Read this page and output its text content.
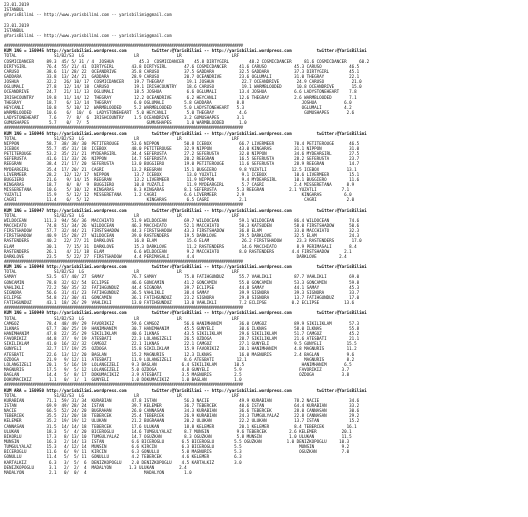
23.01.2019
ISTANBUL
@YarisBilimi -- http://www.yarisbilimi.com -- yarisbilimi@gmail.com
23.01.2019
ISTANBUL
@YarisBilimi -- http://www.yarisbilimi.com -- yarisbilimi@gmail.com
##############################################################################################################
KUM 1NG = 150945 http://yarisbilimi.wordpress.com          twitter:@YarisBilimi -- http://yarisbilimi.wordpress.com          twitter:@YarisBilimi
TOTAL               S1/B2/S3  LG                    LR               LR                    LRF
COSMICDANCER     89.3  45/ 5/ 31 / 4  JOSHUA          45.3  COSMICDANCER    45.8 DIRTYGIRL        48.2 COSMICDANCER     81.6 COSMICDANCER     60.2
DIRTYGIRL        76.4  55/ 21/ 41  DIRTYGIRL       43.8 DIRTYGIRL       47.6 COSMICDANCER     41.6 CARUSO           45.3 CARUSO           46.5
CARUSO           38.6  11/ 28/ 22  OCEANDRIVE      35.8 CARUSO          37.5 GADDARA          32.5 GADDARA          37.3 DIRTYGIRL        45.1
GADDARA          33.8  13/ 24/ 21  GADDARA         28.9 CARUSO          20.7 OCEANDRIVE       23.6 OGLUMALI         31.0 THEGRAY          22.1
JOSHUA           32.2   26/ 10/ 17  COSMICDANCER    19.7 THEGRAY         19.1 JOSHUA           22.7 OCEANDRIVE       24.9 CARUSO           21.0
OGLUMALI         27.8   12/ 14/ 18  CARUSO          19.1 IRISHCOUNTRY    18.6 CARUSO           19.1 WARMBLOODED      10.8 OCEANDRIVE       15.0
OCEANDRIVE       24.7   21/ 11/ 13  OGLUMALI        18.5 JOSHUA          6.6 OGLUMALI         13.4 JOSHUA           6.6 LADYSTONEHEART    7.8
IRISHCOUNTRY     19.8   11/ 14/ 12  THEGRAY         12.2 OCEANDRIVE      6.2 HEYCANLI         12.6 THEGRAY          2.6 WARMBLOODED       7.1
THEGRAY          18.7    6/ 13/ 14  THEGRAY         6.0 OGLUMALI        5.8 GADDARA          8.8                       JOSHUA           6.0
HEYCANLI         10.8    5/ 10/ 12  WARMBLOODED     5.2 WARMBLOODED     5.0 LADYSTONEHEART   5.3                       OGLUMALI         4.2
WARMBLOODED      10.6    6/  10/  6  LADYSTONEHEART  5.0 HEYCANLI        5.0 THEGRAY          4.6                       GUMUSHAPES       2.6
LADYSTONEHEART    7.6    7/  8/  6  IRISHCOUNTRY    1.5 OCEANDRIVE      3.2 GUMUSHAPES       3.1
GUMUSHAPES        5.7    0/  7/  5                       GUMUSHAPES      1.0 WARMBLOODED      1.0
##############################################################################################################
KUM 1NG = 150946 http://yarisbilimi.wordpress.com          twitter:@YarisBilimi -- http://yarisbilimi.wordpress.com          twitter:@YarisBilimi
TOTAL               S1/B2/S3  LG                    LR               LR                    LRF
NIPPON           58.7  38/ 38/ 30  PETITEROUGE     53.6 NIPPON          50.8 ICEBOX           66.7 LIVERMEER        70.4 PETITEROUGE      46.5
ICEBOX           55.7  45/ 31/ 18  ICEBOX          48.0 PETITEROUGE     32.9 NIPPON           43.0 KINGARAS         31.1 NIPPON           31.0
PETITEROUGE      53.2  35/ 21/ 21  MYDEARGIRL      34.4 SEFERUSTA       27.2 SEFERUSTA        32.0 NIPPON           34.6 MYDEARGIRL       27.5
SEFERUSTA        41.6  11/ 33/ 26  NIPPON          14.7 SEFERUSTA       20.2 REEGRAN          16.5 SEFERUSTA        28.2 SEFERUSTA        23.7
REEGRAN          38.4  21/ 17/ 20  SEFERUSTA       13.0 BUGGIERO        19.0 PETITEROUGE      11.6 SEFERUSTA        28.9 REEGRAN          14.7
MYDEARGIRL       35.4  17/ 20/ 21  CAGRI           13.2 REEGRAN         15.1 BUGGIERO         9.8 YUZATLI          12.5 ICEBOX           13.1
LIVERMEER        28.2   12/ 12/ 17  NIPPON          13.7 ICEBOX          13.0 YUZATLI          9.1 ICEBOX           10.6 LIVERMEER        15.1
BUGGIERO         21.6    9/ 14/ 15  REEGRAN         13.2 LIVERMEER       11.9 NIPPON           9.4 MYDEARGIRL       10.1 BUGGIERO         11.6
KINGARAS         18.7    8/  8/  9  BUGGIERO        10.8 YUZATLI         11.9 MYDEARGIRL       5.7 CAGRI            2.4 MISSERETANA      8.9
MISSERETANA      10.6    5/ 10/ 12  KINGARAS        8.3 KINGARAS        8.1 SEFERUSTA        5.3 REEGRAN          2.1 YUZATLI          7.1
YUZATLI          15.9    5/ 12/ 12  MISSERETANA     1.2 CAGRI           6.6 LIVERMEER        2.9                       KINGARAS         6.0
CAGRI            11.4    6/  5/ 12                       KINGARAS        6.5 CAGRI            2.1                       CAGRI            2.0
##############################################################################################################
KUM 1NG = 150947 http://yarisbilimi.wordpress.com          twitter:@YarisBilimi -- http://yarisbilimi.wordpress.com          twitter:@YarisBilimi
TOTAL               S1/B2/S3  LG                    LR               LR                    LRF
WILDOCEAN       111.3  94/ 56/ 36  MACCHIATO       51.9 WILDOCEAN       69.7 WILDOCEAN        59.1 WILDOCEAN        86.4 WILDOCEAN        74.6
MACCHIATO        74.8  51/ 34/ 26  WILDOCEAN       46.3 MACCHIATO       52.1 MACCHIATO        50.3 KATSUDEN         58.0 FIRSTSHADOW      50.6
FIRSTSHADOW      57.7  32/ 44/ 21  FIRSTSHADOW     44.3 FIRSTSHADOW     43.3 FIRSTSHADOW      36.8 ELAM             33.0 MACCHIATO        32.3
FIRSTSHADOW      40.9  15/ 28/ 27  WILDOCEAN       39.0 RASTENDERS      19.5 DARKLOVE         29.5 DARKLOVE         32.5 ELAM             24.3
RASTENDERS       40.2   22/ 27/ 21  DARKLOVE        16.8 ELAM            15.6 ELAM             26.2 FIRSTSHADOW      23.3 RASTENDERS       17.0
ELAM             30.1    7/ 15/ 31  DARKLOVE        15.3 DARKLOVE        11.2 RASTENDERS       14.6 MACCHIATO        8.9 PERIMASALI       8.4
RASTENDERS       26.1    4/ 21/ 18  ELAM            6.6 WILDOCEAN        9.2 MACCHIATO        8.0 RASTENDERS       4.4 FIRSTSHADOW      2.1
DARKLOVE         23.5    5/ 22/ 27  FIRSTSHADOW     4.4 PERIMASALI       4.4                                         DARKLOVE         2.4
##############################################################################################################
KUM 1NG = 150948 http://yarisbilimi.wordpress.com          twitter:@YarisBilimi -- http://yarisbilimi.wordpress.com          twitter:@YarisBilimi
TOTAL               S1/B2/S3  LG                    LR               LR                    LRF
SAMAY            53.5  67/ 40/ 27  SAMAY           76.7 SAMAY           75.8 FATIHGUNDUZ      55.7 VAHLIKLI         87.7 VAHLIKLI         69.0
GONCAMIN         78.8  32/ 62/ 54  ECLIPSE         46.6 GONCAMIN        41.2 GONCAMIN         55.0 GONCAMIN         53.3 GONCAMIN         59.8
VAHLIKLI         72.2  50/ 35/ 32  FATIHGUNDUZ     44.4 SIGNORA         39.7 ECLIPSE          44.8 SAMAY            44.1 SAMAY            45.3
SIGNORA          56.6  31/ 41/ 23  FATIHGUNDUZ     36.5 VAHLIKLI        38.4 SAMAY            39.9 SIGNORA          39.3 SIGNORA          33.7
ECLIPSE          54.8  21/ 30/ 41  GONCAMIN        36.1 FATIHGUNDUZ     23.2 SIGNORA          29.8 SIGNORA          13.7 FATIHGUNDUZ      17.0
FATIHGUNDUZ      43.1  18/ 26/ 29  VAHLIKLI        13.0 FATIHGUNDUZ     13.0 VAHLIKLI         7.2 ECLIPSE          0.2 ECLIPSE          13.6
##############################################################################################################
KUM 1NG = 150949 http://yarisbilimi.wordpress.com          twitter:@YarisBilimi -- http://yarisbilimi.wordpress.com          twitter:@YarisBilimi
TOTAL               S1/B2/S3  LG                    LR               LR                    LRF
CAMGOZ           78.4  48/ 49/ 29  FAVORIKIZ       59.6 CAMGOZ          56.6 HANIMHANIM       36.0 CAMGOZ           89.9 SIKILIKLAM       57.3
ILKNAS           67.7  30/ 25/ 19  HANIMHANIM      30.7 HANIMHANIM      45.5 GUNYELI          30.6 ILKNAS           58.0 ILKNAS           55.8
HANIMHANIM       47.8  22/ 35/ 29  SIKILIKLAM      40.6 ILKNAS          43.5 SIKILIKLAM       29.6 SIKILIKLAM       51.7 CAMGOZ           45.2
FAVORIKIZ        44.8  37/  9/ 19  ATESBATI        22.3 LOLANGIZELI     26.5 OZDOGA           28.7 SIKILIKLAM       21.6 ATESBATI         21.1
SIKILIKLAM       41.0  16/ 32/ 32  CAMGOZ          22.1 ILKNAS          22.1 CAMGOZ           27.1 GUNYELI          9.5 GUNYELI          15.5
GUNYELI          32.7  17/ 19/ 25  OZDOGA          15.8 SIKILIKLAM      15.9 FAVORIKIZ        20.1 HANIMHANIM       4.8 MAGNURIS         11.2
ATESBATI         22.6  13/ 12/ 20  BAGLAN          15.2 MAGNURIS        12.3 ILKNAS           16.0 MAGNURIS         2.4 BAGLAN           9.6
OZDOGA           21.9   9/ 12/ 11  ATESBATI        11.9 LOLANGIZELI     8.6 ATESBATI         12.1                       MAGNURIS         8.2
LOLANGIZELI      20.1   5/ 16/ 19  LOLANGIZELI     9.3 BAGLAN          6.4 SIKILIKLAM       10.5                       HANIMHANIM       6.5
MAGNURIS         17.5   9/  5/ 12  LOLANGIZELI     5.0 OZDOGA          4.8 GUNYELI          5.9                       FAVORIKIZ        3.7
BAGLAN           14.4   5/  8/ 17  DOKUMACIKIZ     3.9 ATESBATI        3.5 MAGNURIS         2.5                       OZDOGA           3.8
DOKUMACIKIZ       1.1   0/  1/  1  GUNYELI         1.0 DOKUMACIKIZ     1.0 BAGLAN           1.0
##############################################################################################################
KUM ARA = 150950 http://yarisbilimi.wordpress.com          twitter:@YarisBilimi -- http://yarisbilimi.wordpress.com          twitter:@YarisBilimi
TOTAL               S1/B2/S3  LG                    LR               LR                    LRF
KURABIAN         71.1  59/ 31/ 34  KURABIAN        47.8 ISTAN           56.3 NACIE            49.9 KURABIAN         78.2 NACIE            34.6
ISTAN            69.9  49/ 28/ 24  ISTAN           39.7 KELEMER         36.7 TEBERCEK         40.6 ISTAN            64.4 KURABIAN         33.2
NACIE            66.5  52/ 24/ 20  BUGRAHAN        26.0 CANNASAN        34.3 KURABIAN         36.6 TEBERCEK         28.0 CANNASAN         30.6
TEBERCEK         35.5  21/ 20/ 18  TEBERCEK        25.4 TEBERCEK        26.9 KURABIAN         24.3 TUMGULYALAZ      22.8 CANNASAN         29.2
KELEMER          35.2  19/ 19/ 12  ULUKAN          21.2 BUGRAHAN        20.2 ULUKAN           22.2 ULUKAN           13.7 ISTAN            15.2
CANNASAN         31.5  14/ 14/ 18  TEBERCEK        17.6 ULUKAN          18.8 KELEMER          20.1 KELEMER          8.4 TEBERCEK         16.1
ULUKAN           18.3   5/  4/ 20  BICEROGLU       14.6 TUMGULYALAZ     8.7 MUNSIN           9.6 TEBERCEK         2.6 KELEMER          20.1
BIKORLU          17.3   8/ 13/ 10  TUMGULYALAZ     14.7 OGUZKAN         8.3 OGUZKAN          5.8 MUNSIN           1.0 ULUKAN           11.5
MUNSIN           16.3   2/ 14/ 13  ISTAN           6.6 BICEROGLU       6.5 BICEROGLU        5.5 OGUZKAN          1.0 DENIZKOPOGLU     10.3
TUMGULYALAZ      15.3   4/ 12/ 14  MUNSIN          6.6 KIRCIN          6.3 BICEROGLU        5.5                       MUNSIN           9.2
BICEROGLU        11.6   6/  9/ 11  KIRCIN          6.3 GONULLU         5.0 MAGNURIS         5.3                       OGUZKAN          7.0
GONULLU          11.4   5/  5/ 11  GONULLU         4.2 TEBERCEK        4.6 KELEMER          6.3
KARTALKIZ         6.3   3/  5/  6  DENIZKOPOGLU    2.0 DENIZKOPOGLU    4.5 KARTALKIZ        3.0
DENIZKOPOGLU      3.1   2/  2/  4  MADALYON       1.3 ULUKAN          2.4
MADALYON          2.1   0/  0/  4                       MADALYON        1.0
